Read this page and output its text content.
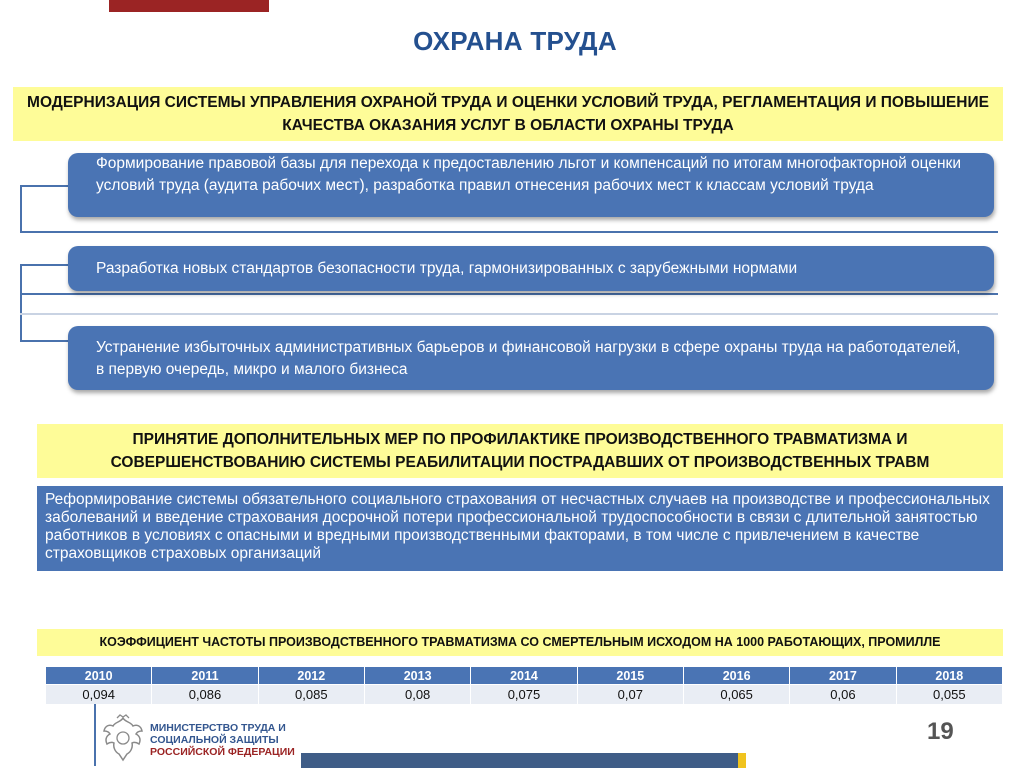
ОХРАНА ТРУДА
МОДЕРНИЗАЦИЯ СИСТЕМЫ УПРАВЛЕНИЯ ОХРАНОЙ ТРУДА И ОЦЕНКИ УСЛОВИЙ ТРУДА, РЕГЛАМЕНТАЦИЯ И ПОВЫШЕНИЕ КАЧЕСТВА ОКАЗАНИЯ УСЛУГ В ОБЛАСТИ ОХРАНЫ ТРУДА
Формирование правовой базы для перехода к предоставлению льгот и компенсаций по итогам многофакторной оценки условий труда (аудита рабочих мест), разработка правил отнесения рабочих мест к классам условий труда
Разработка новых стандартов безопасности труда, гармонизированных с зарубежными нормами
Устранение избыточных административных барьеров и финансовой нагрузки в сфере охраны труда на работодателей, в первую очередь, микро и малого бизнеса
ПРИНЯТИЕ ДОПОЛНИТЕЛЬНЫХ МЕР ПО ПРОФИЛАКТИКЕ ПРОИЗВОДСТВЕННОГО ТРАВМАТИЗМА И СОВЕРШЕНСТВОВАНИЮ СИСТЕМЫ РЕАБИЛИТАЦИИ ПОСТРАДАВШИХ ОТ ПРОИЗВОДСТВЕННЫХ ТРАВМ
Реформирование системы обязательного социального страхования от несчастных случаев на производстве и профессиональных заболеваний и введение страхования досрочной потери профессиональной трудоспособности в связи с длительной занятостью работников в условиях с опасными и вредными производственными факторами, в том числе с привлечением в качестве страховщиков страховых организаций
КОЭФФИЦИЕНТ ЧАСТОТЫ ПРОИЗВОДСТВЕННОГО ТРАВМАТИЗМА СО СМЕРТЕЛЬНЫМ ИСХОДОМ НА 1000 РАБОТАЮЩИХ, ПРОМИЛЛЕ
2010	2011	2012	2013	2014	2015	2016	2017	2018
0,094	0,086	0,085	0,08	0,075	0,07	0,065	0,06	0,055
МИНИСТЕРСТВО ТРУДА И
СОЦИАЛЬНОЙ ЗАЩИТЫ
РОССИЙСКОЙ ФЕДЕРАЦИИ
19
